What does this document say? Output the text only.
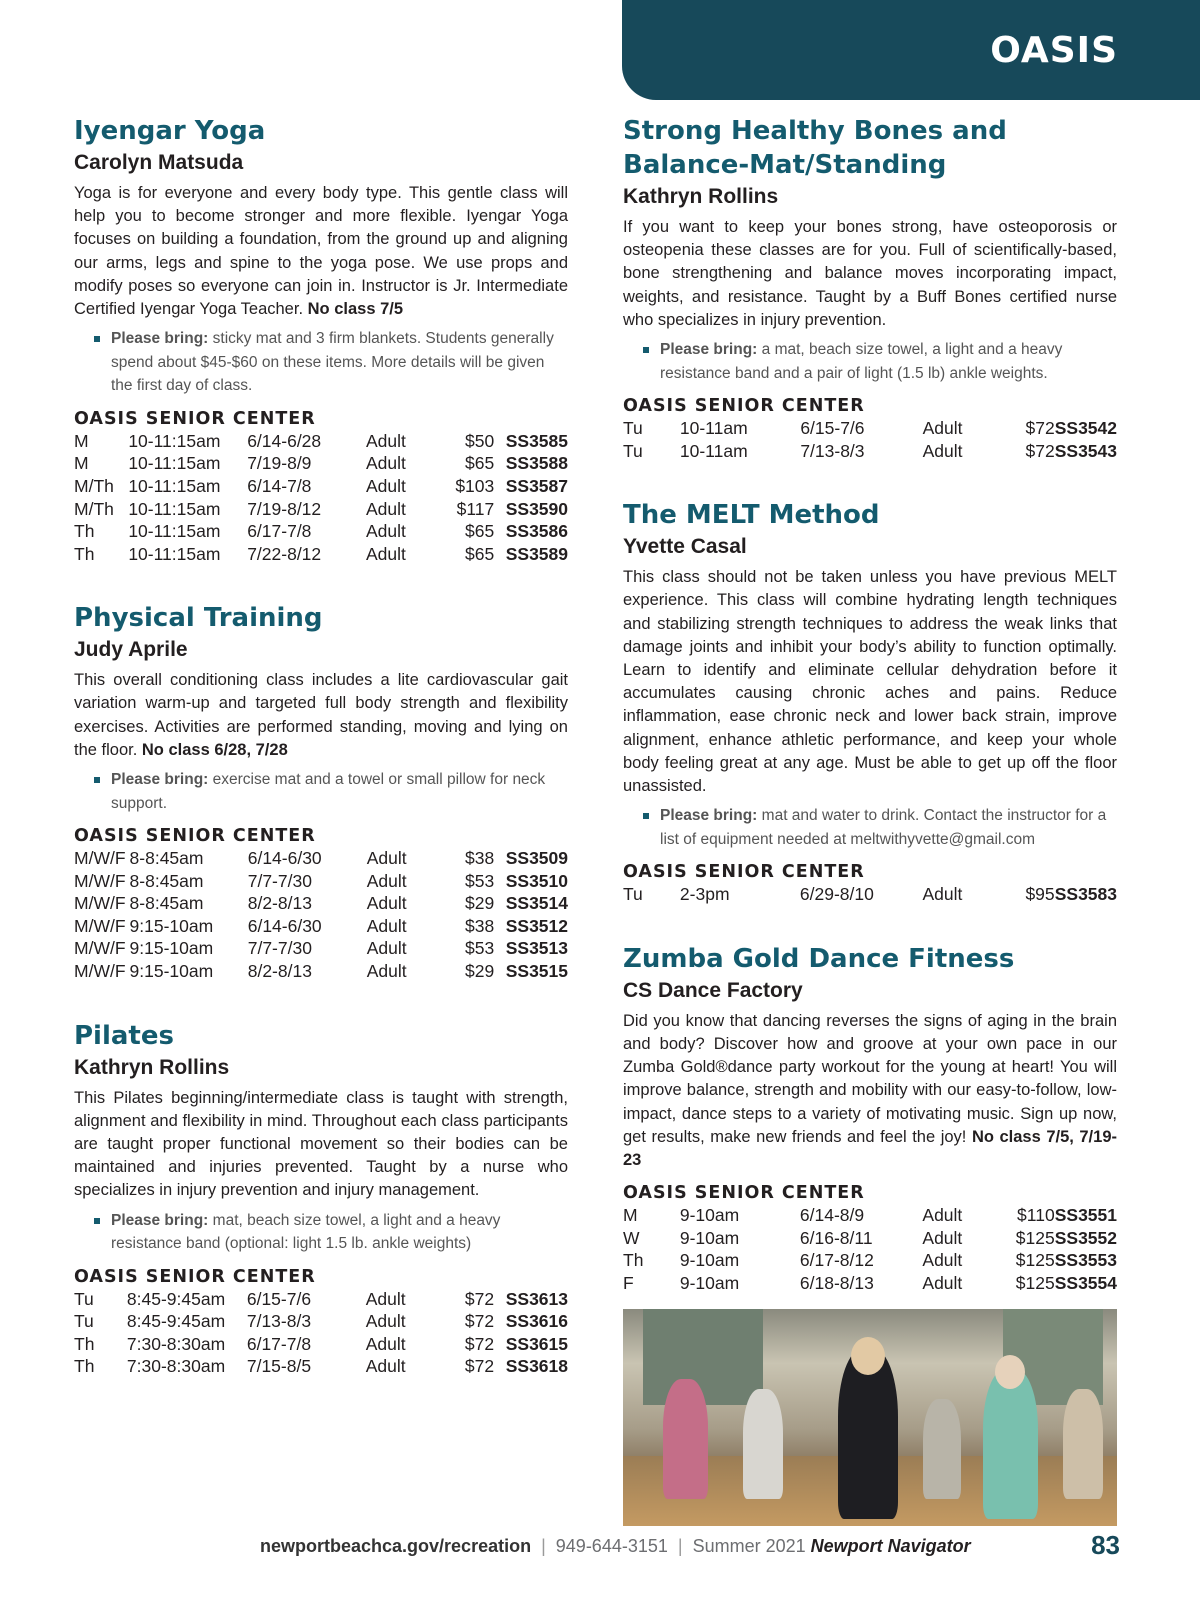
OASIS
Iyengar Yoga
Carolyn Matsuda

Yoga is for everyone and every body type. This gentle class will help you to become stronger and more flexible. Iyengar Yoga focuses on building a foundation, from the ground up and aligning our arms, legs and spine to the yoga pose. We use props and modify poses so everyone can join in. Instructor is Jr. Intermediate Certified Iyengar Yoga Teacher. No class 7/5

Please bring: sticky mat and 3 firm blankets. Students generally spend about $45-$60 on these items. More details will be given the first day of class.
OASIS SENIOR CENTER
M	10-11:15am	6/14-6/28	Adult	$50	SS3585
M	10-11:15am	7/19-8/9	Adult	$65	SS3588
M/Th	10-11:15am	6/14-7/8	Adult	$103	SS3587
M/Th	10-11:15am	7/19-8/12	Adult	$117	SS3590
Th	10-11:15am	6/17-7/8	Adult	$65	SS3586
Th	10-11:15am	7/22-8/12	Adult	$65	SS3589
Physical Training
Judy Aprile

This overall conditioning class includes a lite cardiovascular gait variation warm-up and targeted full body strength and flexibility exercises. Activities are performed standing, moving and lying on the floor. No class 6/28, 7/28

Please bring: exercise mat and a towel or small pillow for neck support.
OASIS SENIOR CENTER
M/W/F	8-8:45am	6/14-6/30	Adult	$38	SS3509
M/W/F	8-8:45am	7/7-7/30	Adult	$53	SS3510
M/W/F	8-8:45am	8/2-8/13	Adult	$29	SS3514
M/W/F	9:15-10am	6/14-6/30	Adult	$38	SS3512
M/W/F	9:15-10am	7/7-7/30	Adult	$53	SS3513
M/W/F	9:15-10am	8/2-8/13	Adult	$29	SS3515
Pilates
Kathryn Rollins

This Pilates beginning/intermediate class is taught with strength, alignment and flexibility in mind. Throughout each class participants are taught proper functional movement so their bodies can be maintained and injuries prevented. Taught by a nurse who specializes in injury prevention and injury management.

Please bring: mat, beach size towel, a light and a heavy resistance band (optional: light 1.5 lb. ankle weights)
OASIS SENIOR CENTER
Tu	8:45-9:45am	6/15-7/6	Adult	$72	SS3613
Tu	8:45-9:45am	7/13-8/3	Adult	$72	SS3616
Th	7:30-8:30am	6/17-7/8	Adult	$72	SS3615
Th	7:30-8:30am	7/15-8/5	Adult	$72	SS3618
Strong Healthy Bones and Balance-Mat/Standing
Kathryn Rollins

If you want to keep your bones strong, have osteoporosis or osteopenia these classes are for you. Full of scientifically-based, bone strengthening and balance moves incorporating impact, weights, and resistance. Taught by a Buff Bones certified nurse who specializes in injury prevention.

Please bring: a mat, beach size towel, a light and a heavy resistance band and a pair of light (1.5 lb) ankle weights.
OASIS SENIOR CENTER
Tu	10-11am	6/15-7/6	Adult	$72	SS3542
Tu	10-11am	7/13-8/3	Adult	$72	SS3543
The MELT Method
Yvette Casal

This class should not be taken unless you have previous MELT experience. This class will combine hydrating length techniques and stabilizing strength techniques to address the weak links that damage joints and inhibit your body’s ability to function optimally. Learn to identify and eliminate cellular dehydration before it accumulates causing chronic aches and pains. Reduce inflammation, ease chronic neck and lower back strain, improve alignment, enhance athletic performance, and keep your whole body feeling great at any age. Must be able to get up off the floor unassisted.

Please bring: mat and water to drink. Contact the instructor for a list of equipment needed at meltwithyvette@gmail.com
OASIS SENIOR CENTER
Tu	2-3pm	6/29-8/10	Adult	$95	SS3583
Zumba Gold Dance Fitness
CS Dance Factory

Did you know that dancing reverses the signs of aging in the brain and body? Discover how and groove at your own pace in our Zumba Gold®dance party workout for the young at heart! You will improve balance, strength and mobility with our easy-to-follow, low-impact, dance steps to a variety of motivating music. Sign up now, get results, make new friends and feel the joy! No class 7/5, 7/19-23

OASIS SENIOR CENTER
M	9-10am	6/14-8/9	Adult	$110	SS3551
W	9-10am	6/16-8/11	Adult	$125	SS3552
Th	9-10am	6/17-8/12	Adult	$125	SS3553
F	9-10am	6/18-8/13	Adult	$125	SS3554
newportbeachca.gov/recreation | 949-644-3151 | Summer 2021 Newport Navigator	83
